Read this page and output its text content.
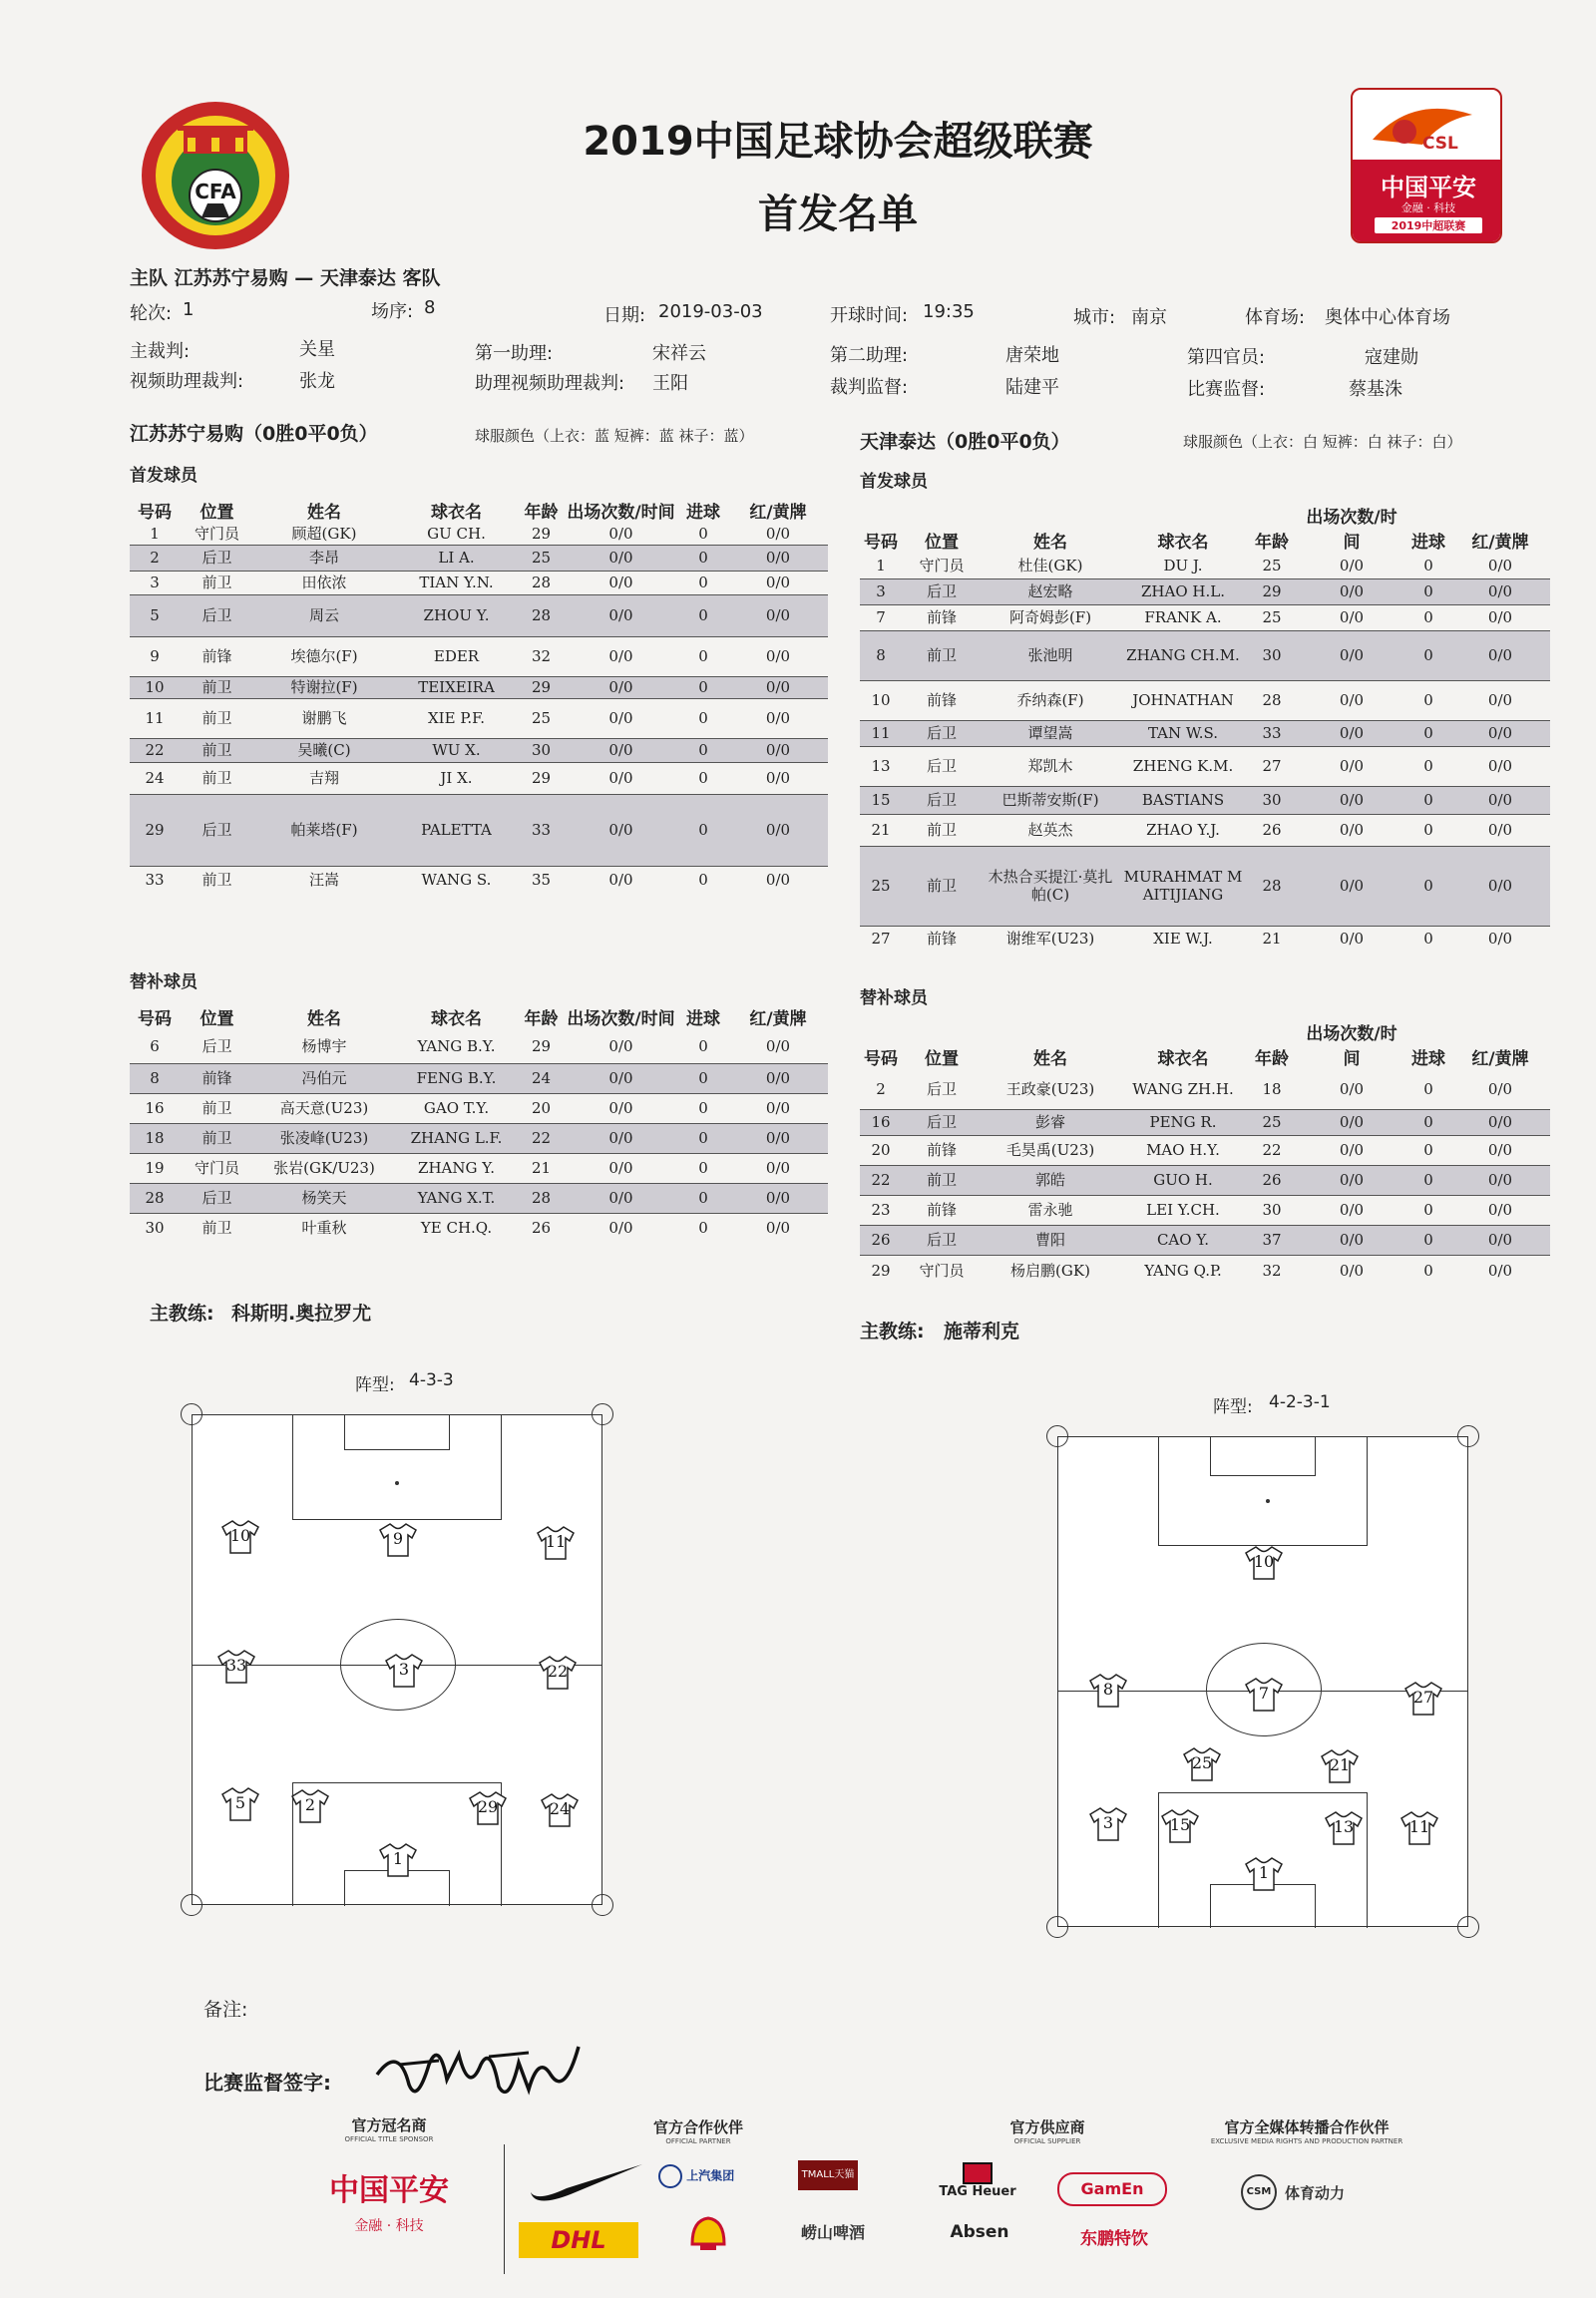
CFA
2019中国足球协会超级联赛
首发名单
CSL
中国平安
金融 · 科技
2019中超联赛
主队 江苏苏宁易购 — 天津泰达 客队
轮次: 1	场序: 8	日期: 2019-03-03	开球时间: 19:35	城市: 南京	体育场: 奥体中心体育场
主裁判:	关星	第一助理:	宋祥云	第二助理:	唐荣地	第四官员:	寇建勋
视频助理裁判:	张龙	助理视频助理裁判: 王阳	裁判监督:	陆建平	比赛监督:	蔡基洙
江苏苏宁易购（0胜0平0负）	球服颜色（上衣：蓝 短裤：蓝 袜子：蓝）
首发球员
号码	位置	姓名	球衣名	年龄	出场次数/时间	进球	红/黄牌
1	守门员	顾超(GK)	GU CH.	29	0/0	0	0/0
2	后卫	李昂	LI A.	25	0/0	0	0/0
3	前卫	田依浓	TIAN Y.N.	28	0/0	0	0/0
5	后卫	周云	ZHOU Y.	28	0/0	0	0/0
9	前锋	埃德尔(F)	EDER	32	0/0	0	0/0
10	前卫	特谢拉(F)	TEIXEIRA	29	0/0	0	0/0
11	前卫	谢鹏飞	XIE P.F.	25	0/0	0	0/0
22	前卫	吴曦(C)	WU X.	30	0/0	0	0/0
24	前卫	吉翔	JI X.	29	0/0	0	0/0
29	后卫	帕莱塔(F)	PALETTA	33	0/0	0	0/0
33	前卫	汪嵩	WANG S.	35	0/0	0	0/0
替补球员
号码	位置	姓名	球衣名	年龄	出场次数/时间	进球	红/黄牌
6	后卫	杨博宇	YANG B.Y.	29	0/0	0	0/0
8	前锋	冯伯元	FENG B.Y.	24	0/0	0	0/0
16	前卫	高天意(U23)	GAO T.Y.	20	0/0	0	0/0
18	前卫	张凌峰(U23)	ZHANG L.F.	22	0/0	0	0/0
19	守门员	张岩(GK/U23)	ZHANG Y.	21	0/0	0	0/0
28	后卫	杨笑天	YANG X.T.	28	0/0	0	0/0
30	前卫	叶重秋	YE CH.Q.	26	0/0	0	0/0
主教练: 科斯明.奥拉罗尤
天津泰达（0胜0平0负）	球服颜色（上衣：白 短裤：白 袜子：白）
首发球员
号码	位置	姓名	球衣名	年龄	出场次数/时间	进球	红/黄牌
1	守门员	杜佳(GK)	DU J.	25	0/0	0	0/0
3	后卫	赵宏略	ZHAO H.L.	29	0/0	0	0/0
7	前锋	阿奇姆彭(F)	FRANK A.	25	0/0	0	0/0
8	前卫	张池明	ZHANG CH.M.	30	0/0	0	0/0
10	前锋	乔纳森(F)	JOHNATHAN	28	0/0	0	0/0
11	后卫	谭望嵩	TAN W.S.	33	0/0	0	0/0
13	后卫	郑凯木	ZHENG K.M.	27	0/0	0	0/0
15	后卫	巴斯蒂安斯(F)	BASTIANS	30	0/0	0	0/0
21	前卫	赵英杰	ZHAO Y.J.	26	0/0	0	0/0
25	前卫	木热合买提江·莫扎帕(C)	MURAHMAT MAITIJIANG	28	0/0	0	0/0
27	前锋	谢维军(U23)	XIE W.J.	21	0/0	0	0/0
替补球员
号码	位置	姓名	球衣名	年龄	出场次数/时间	进球	红/黄牌
2	后卫	王政豪(U23)	WANG ZH.H.	18	0/0	0	0/0
16	后卫	彭睿	PENG R.	25	0/0	0	0/0
20	前锋	毛昊禹(U23)	MAO H.Y.	22	0/0	0	0/0
22	前卫	郭皓	GUO H.	26	0/0	0	0/0
23	前锋	雷永驰	LEI Y.CH.	30	0/0	0	0/0
26	后卫	曹阳	CAO Y.	37	0/0	0	0/0
29	守门员	杨启鹏(GK)	YANG Q.P.	32	0/0	0	0/0
主教练: 施蒂利克
阵型: 4-3-3
阵型: 4-2-3-1
10	9	11
33	3	22
5	2	29	24
1
10
8	7	27
25	21
3	15	13	11
1
备注:
比赛监督签字:
官方冠名商
OFFICIAL TITLE SPONSOR
中国平安
金融 · 科技
官方合作伙伴
OFFICIAL PARTNER
DHL
上汽集团	TMALL天猫
崂山啤酒
官方供应商
OFFICIAL SUPPLIER
TAG Heuer
Absen
GamEn
东鹏特饮
官方全媒体转播合作伙伴
EXCLUSIVE MEDIA RIGHTS AND PRODUCTION PARTNER
CSM 体育动力
